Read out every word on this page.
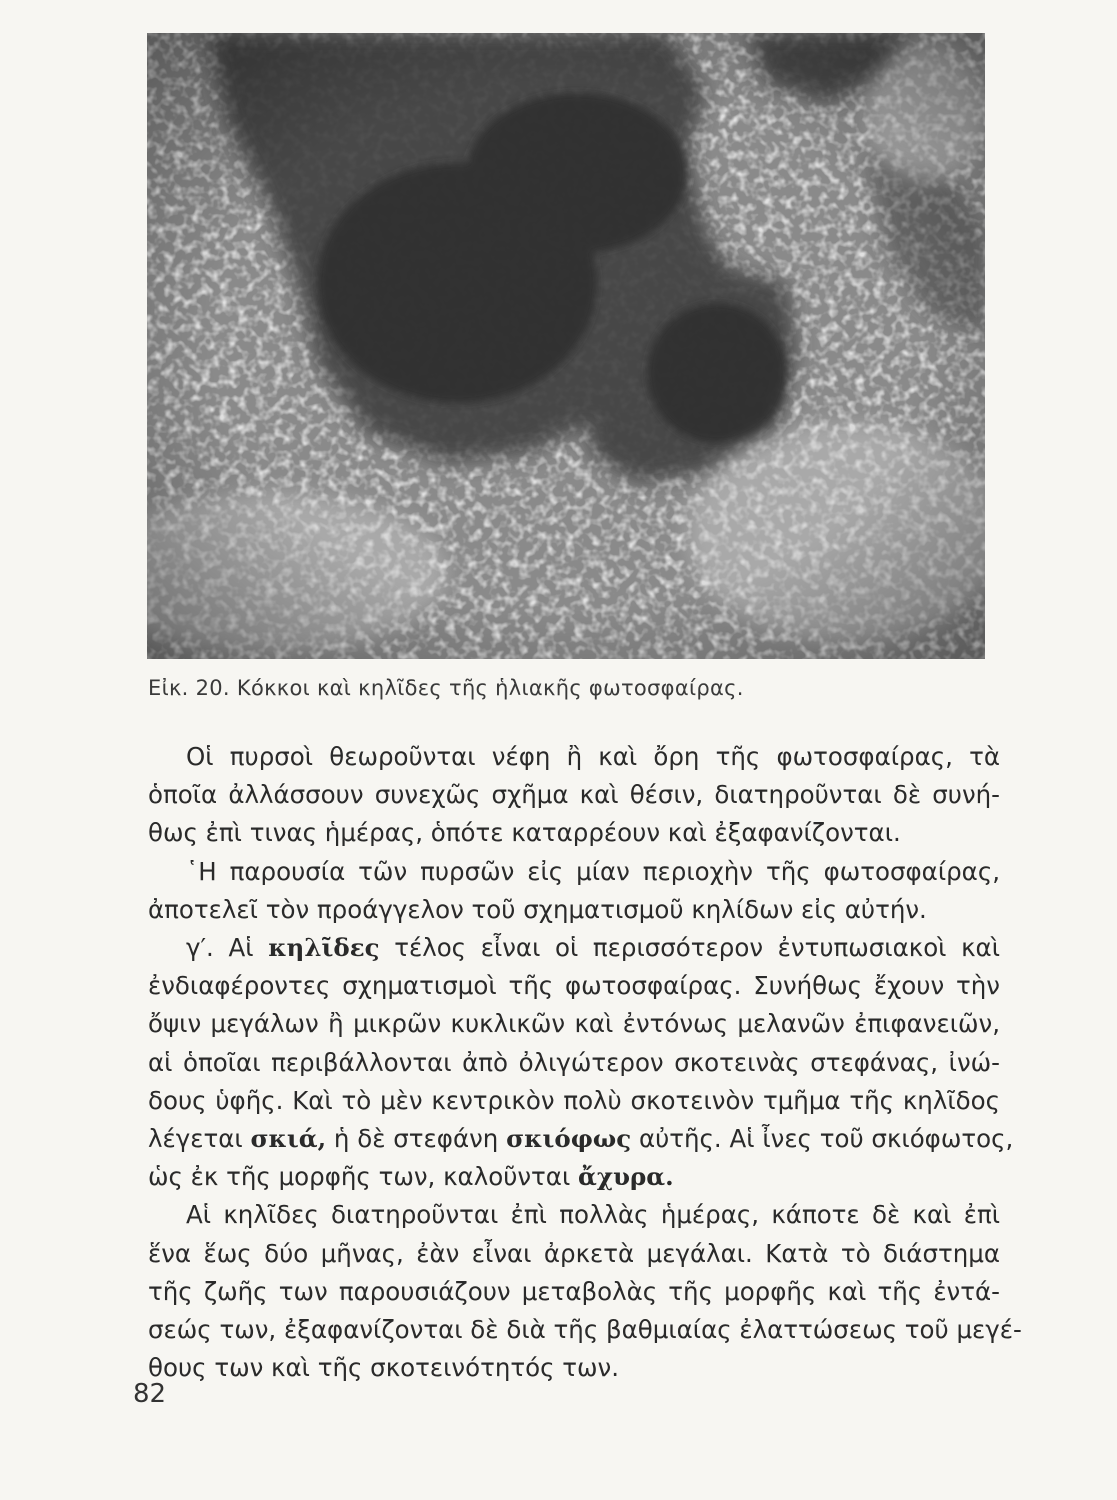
Εἰκ. 20. Κόκκοι καὶ κηλῖδες τῆς ἡλιακῆς φωτοσφαίρας.
Οἱ πυρσοὶ θεωροῦνται νέφη ἢ καὶ ὄρη τῆς φωτοσφαίρας, τὰ
ὁποῖα ἀλλάσσουν συνεχῶς σχῆμα καὶ θέσιν, διατηροῦνται δὲ συνή-
θως ἐπὶ τινας ἡμέρας, ὁπότε καταρρέουν καὶ ἐξαφανίζονται.
῾Η παρουσία τῶν πυρσῶν εἰς μίαν περιοχὴν τῆς φωτοσφαίρας,
ἀποτελεῖ τὸν πρoάγγελον τοῦ σχηματισμοῦ κηλίδων εἰς αὐτήν.
γ′. Αἱ κηλῖδες τέλος εἶναι οἱ περισσότερον ἐντυπωσιακοὶ καὶ
ἐνδιαφέροντες σχηματισμοὶ τῆς φωτοσφαίρας. Συνήθως ἔχουν τὴν
ὄψιν μεγάλων ἢ μικρῶν κυκλικῶν καὶ ἐντόνως μελανῶν ἐπιφανειῶν,
αἱ ὁποῖαι περιβάλλονται ἀπὸ ὀλιγώτερον σκοτεινὰς στεφάνας, ἰνώ-
δους ὑφῆς. Καὶ τὸ μὲν κεντρικὸν πολὺ σκοτεινὸν τμῆμα τῆς κηλῖδος
λέγεται σκιά, ἡ δὲ στεφάνη σκιόφως αὐτῆς. Αἱ ἶνες τοῦ σκιόφωτος,
ὡς ἐκ τῆς μορφῆς των, καλοῦνται ἄχυρα.
Αἱ κηλῖδες διατηροῦνται ἐπὶ πολλὰς ἡμέρας, κάποτε δὲ καὶ ἐπὶ
ἕνα ἕως δύο μῆνας, ἐὰν εἶναι ἀρκετὰ μεγάλαι. Κατὰ τὸ διάστημα
τῆς ζωῆς των παρουσιάζουν μεταβολὰς τῆς μορφῆς καὶ τῆς ἐντά-
σεώς των, ἐξαφανίζονται δὲ διὰ τῆς βαθμιαίας ἐλαττώσεως τοῦ μεγέ-
θους των καὶ τῆς σκοτεινότητός των.
82
